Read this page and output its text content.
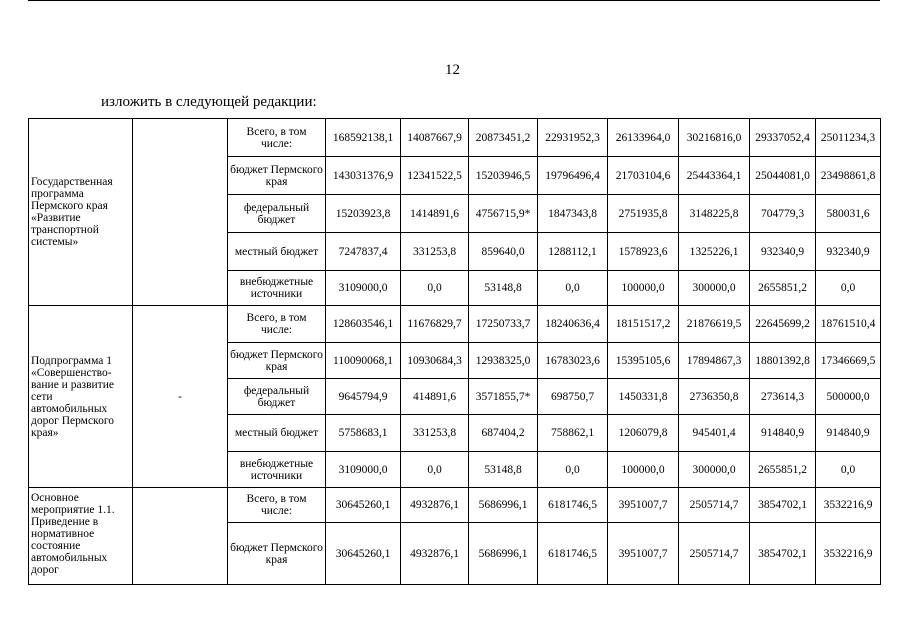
12
изложить в следующей редакции:
Государственная программа Пермского края «Развитие транспортной системы»		Всего, в том числе:	168592138,1	14087667,9	20873451,2	22931952,3	26133964,0	30216816,0	29337052,4	25011234,3
		бюджет Пермского края	143031376,9	12341522,5	15203946,5	19796496,4	21703104,6	25443364,1	25044081,0	23498861,8
		федеральный бюджет	15203923,8	1414891,6	4756715,9*	1847343,8	2751935,8	3148225,8	704779,3	580031,6
		местный бюджет	7247837,4	331253,8	859640,0	1288112,1	1578923,6	1325226,1	932340,9	932340,9
		внебюджетные источники	3109000,0	0,0	53148,8	0,0	100000,0	300000,0	2655851,2	0,0
Подпрограмма 1 «Совершенство-вание и развитие сети автомобильных дорог Пермского края»	-	Всего, в том числе:	128603546,1	11676829,7	17250733,7	18240636,4	18151517,2	21876619,5	22645699,2	18761510,4
		бюджет Пермского края	110090068,1	10930684,3	12938325,0	16783023,6	15395105,6	17894867,3	18801392,8	17346669,5
		федеральный бюджет	9645794,9	414891,6	3571855,7*	698750,7	1450331,8	2736350,8	273614,3	500000,0
		местный бюджет	5758683,1	331253,8	687404,2	758862,1	1206079,8	945401,4	914840,9	914840,9
		внебюджетные источники	3109000,0	0,0	53148,8	0,0	100000,0	300000,0	2655851,2	0,0
Основное мероприятие 1.1. Приведение в нормативное состояние автомобильных дорог		Всего, в том числе:	30645260,1	4932876,1	5686996,1	6181746,5	3951007,7	2505714,7	3854702,1	3532216,9
		бюджет Пермского края	30645260,1	4932876,1	5686996,1	6181746,5	3951007,7	2505714,7	3854702,1	3532216,9
